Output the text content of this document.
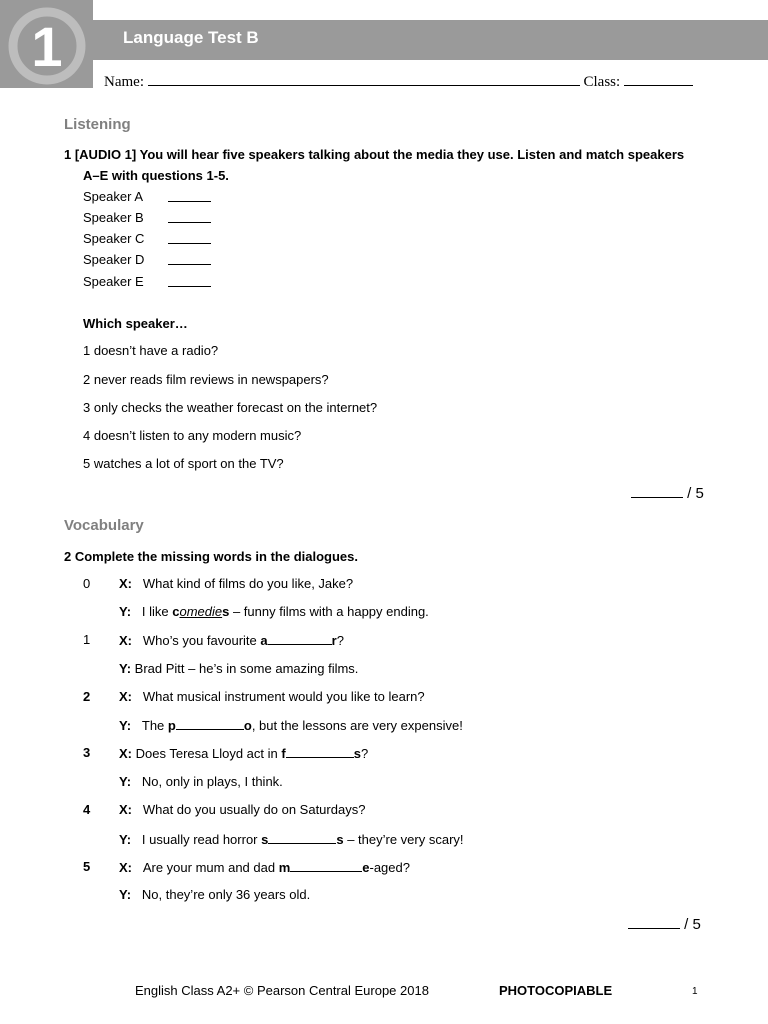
1	Language Test B
Name:	Class:
Listening
1 [AUDIO 1] You will hear five speakers talking about the media they use. Listen and match speakers
A–E with questions 1-5.
Speaker A
Speaker B
Speaker C
Speaker D
Speaker E
Which speaker…
1 doesn’t have a radio?
2 never reads film reviews in newspapers?
3 only checks the weather forecast on the internet?
4 doesn’t listen to any modern music?
5 watches a lot of sport on the TV?
/ 5
Vocabulary
2 Complete the missing words in the dialogues.
0 X: What kind of films do you like, Jake?
Y: I like comedies – funny films with a happy ending.
1 X: Who’s you favourite a	r?
Y: Brad Pitt – he’s in some amazing films.
2 X: What musical instrument would you like to learn?
Y: The p	o, but the lessons are very expensive!
3 X: Does Teresa Lloyd act in f	s?
Y: No, only in plays, I think.
4 X: What do you usually do on Saturdays?
Y: I usually read horror s	s – they’re very scary!
5 X: Are your mum and dad m	e-aged?
Y: No, they’re only 36 years old.
/ 5
English Class A2+ © Pearson Central Europe 2018	PHOTOCOPIABLE	1
